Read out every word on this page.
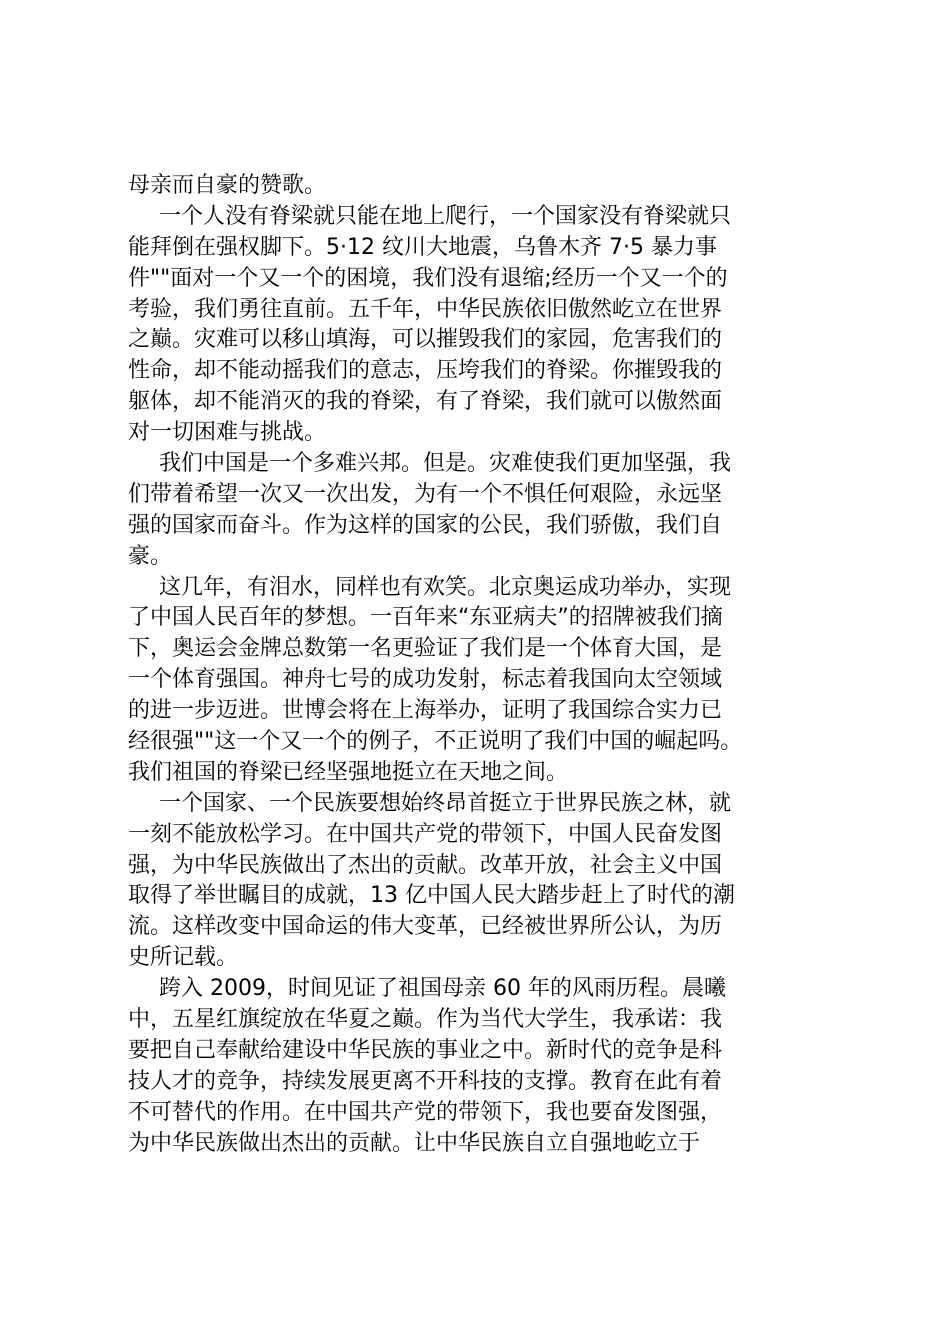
母亲而自豪的赞歌。
一个人没有脊梁就只能在地上爬行，一个国家没有脊梁就只
能拜倒在强权脚下。5·12 纹川大地震，乌鲁木齐 7·5 暴力事
件""面对一个又一个的困境，我们没有退缩;经历一个又一个的
考验，我们勇往直前。五千年，中华民族依旧傲然屹立在世界
之巅。灾难可以移山填海，可以摧毁我们的家园，危害我们的
性命，却不能动摇我们的意志，压垮我们的脊梁。你摧毁我的
躯体，却不能消灭的我的脊梁，有了脊梁，我们就可以傲然面
对一切困难与挑战。
我们中国是一个多难兴邦。但是。灾难使我们更加坚强，我
们带着希望一次又一次出发，为有一个不惧任何艰险，永远坚
强的国家而奋斗。作为这样的国家的公民，我们骄傲，我们自
豪。
这几年，有泪水，同样也有欢笑。北京奥运成功举办，实现
了中国人民百年的梦想。一百年来“东亚病夫”的招牌被我们摘
下，奥运会金牌总数第一名更验证了我们是一个体育大国，是
一个体育强国。神舟七号的成功发射，标志着我国向太空领域
的进一步迈进。世博会将在上海举办，证明了我国综合实力已
经很强""这一个又一个的例子，不正说明了我们中国的崛起吗。
我们祖国的脊梁已经坚强地挺立在天地之间。
一个国家、一个民族要想始终昂首挺立于世界民族之林，就
一刻不能放松学习。在中国共产党的带领下，中国人民奋发图
强，为中华民族做出了杰出的贡献。改革开放，社会主义中国
取得了举世瞩目的成就，13 亿中国人民大踏步赶上了时代的潮
流。这样改变中国命运的伟大变革，已经被世界所公认，为历
史所记载。
跨入 2009，时间见证了祖国母亲 60 年的风雨历程。晨曦
中，五星红旗绽放在华夏之巅。作为当代大学生，我承诺：我
要把自己奉献给建设中华民族的事业之中。新时代的竞争是科
技人才的竞争，持续发展更离不开科技的支撑。教育在此有着
不可替代的作用。在中国共产党的带领下，我也要奋发图强，
为中华民族做出杰出的贡献。让中华民族自立自强地屹立于
